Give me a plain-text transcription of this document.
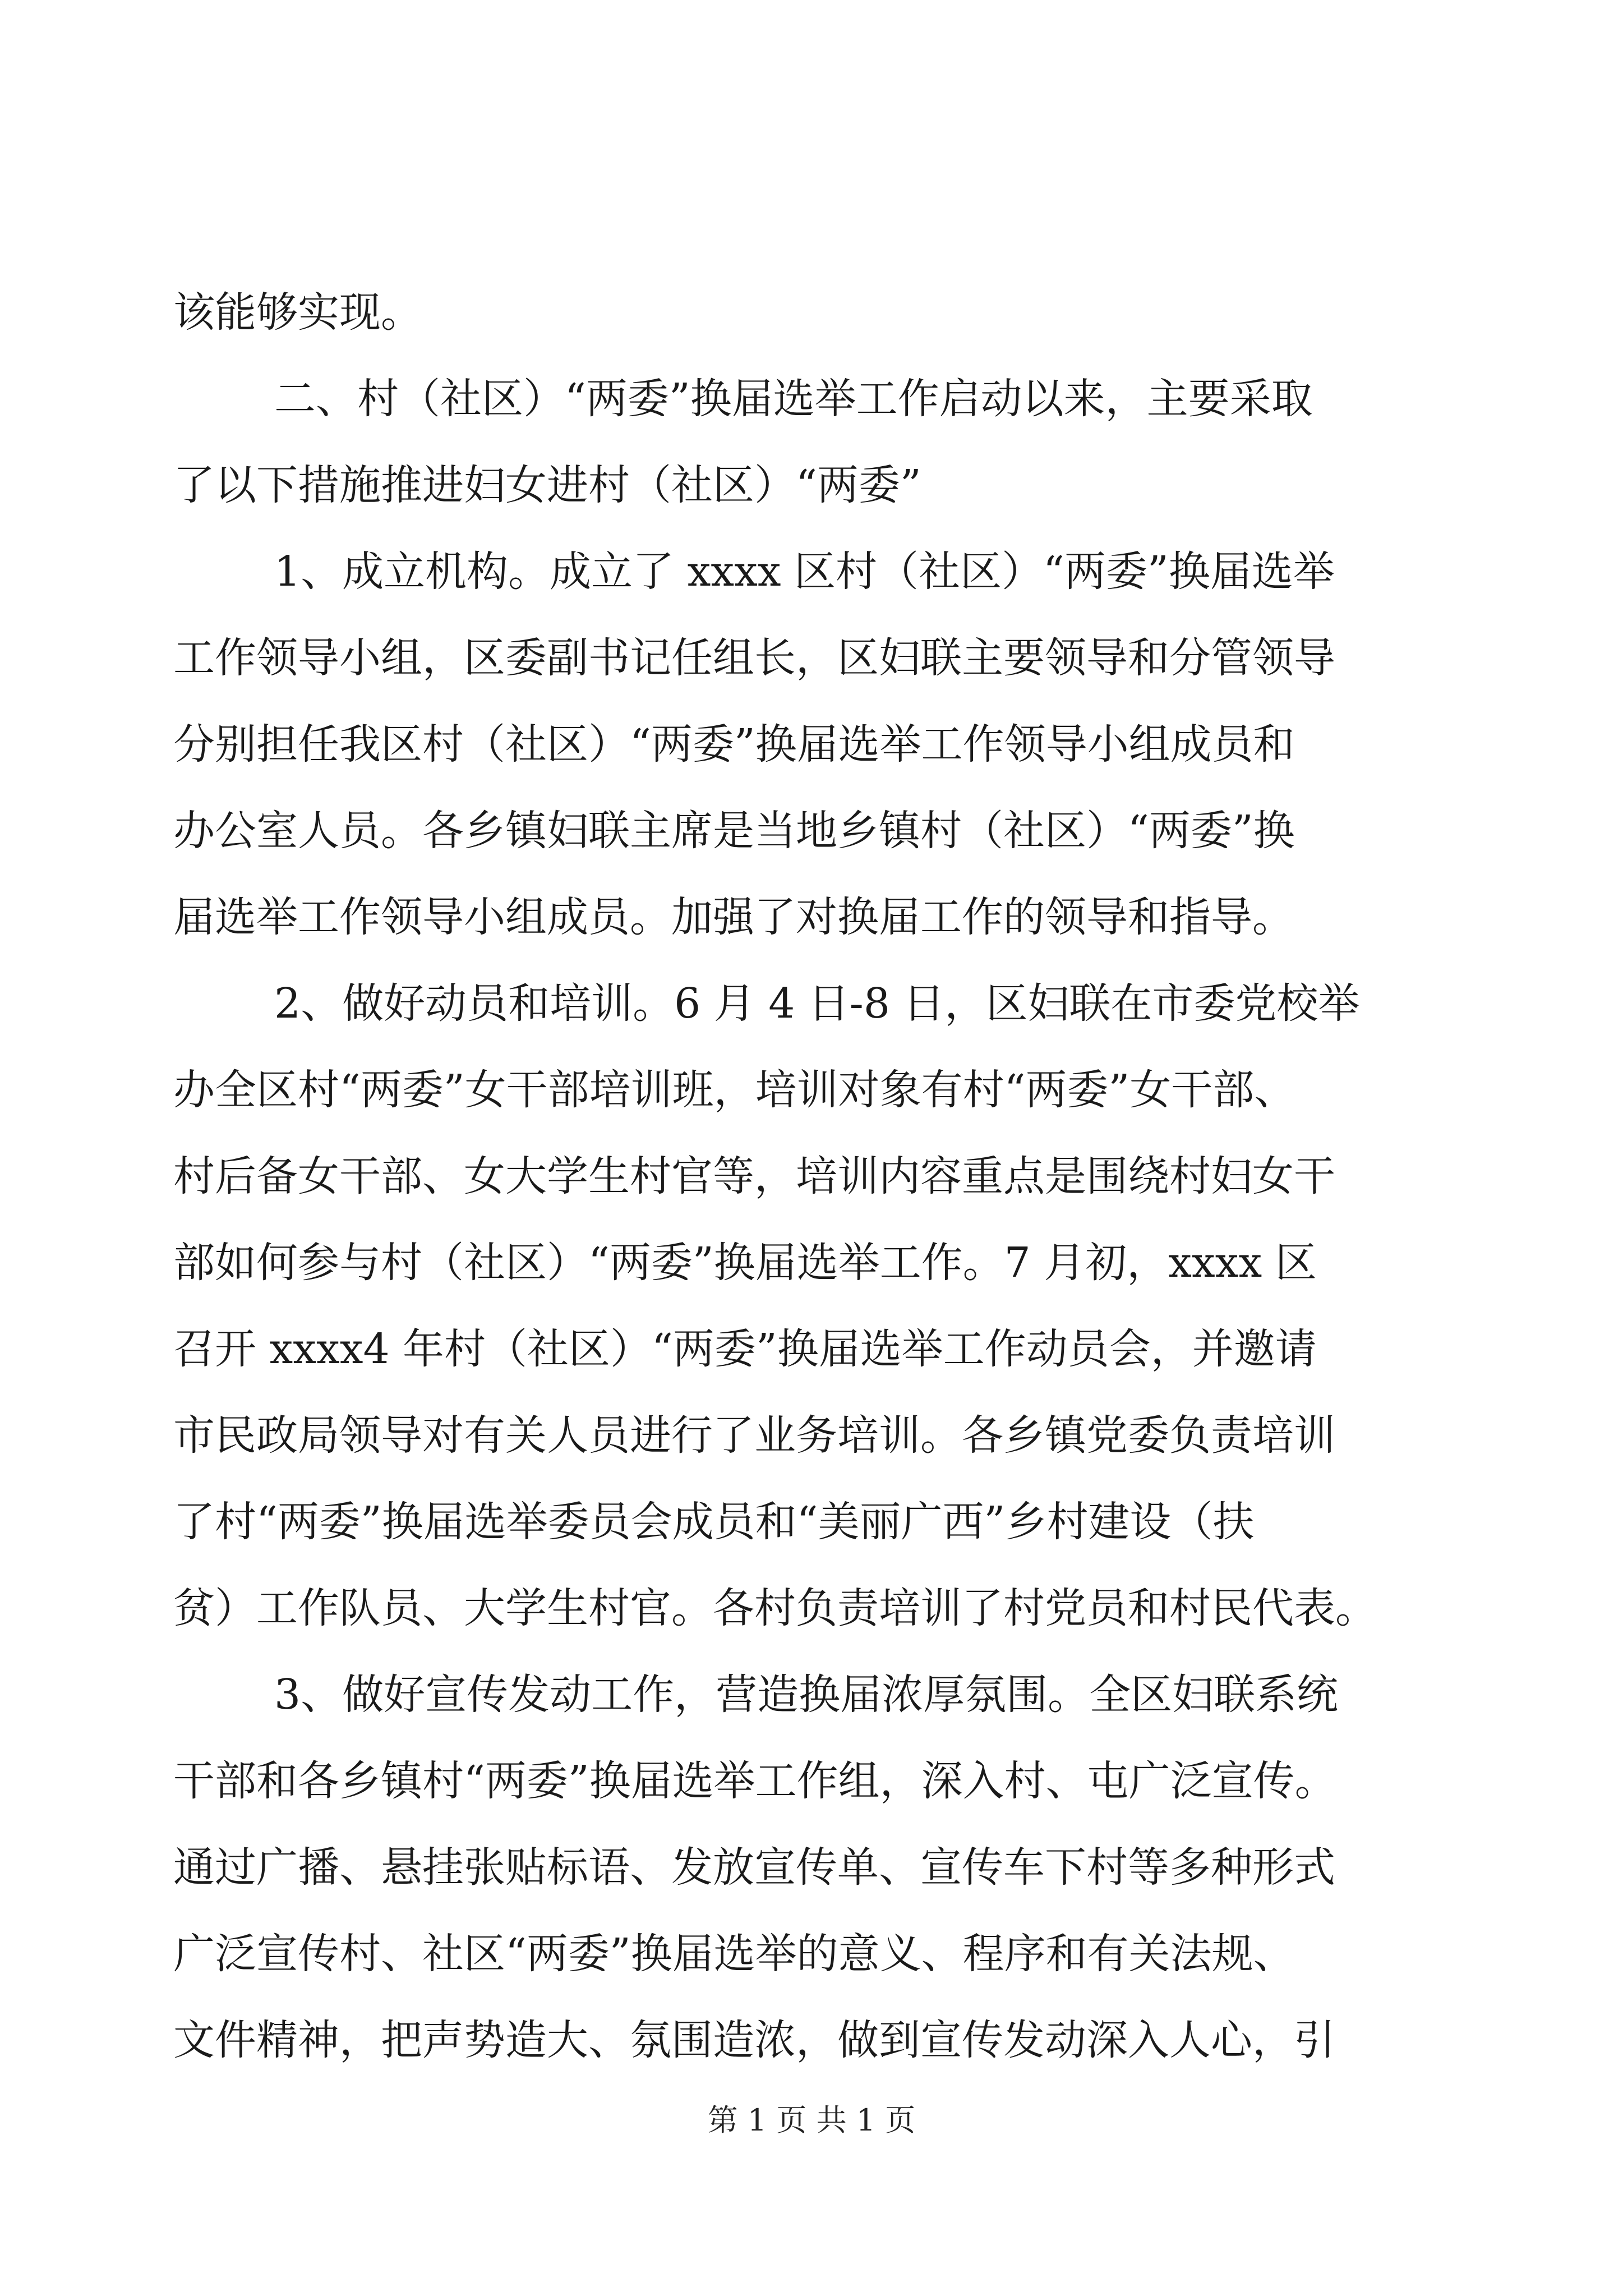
该能够实现。
二、村（社区）“两委”换届选举工作启动以来，主要采取
了以下措施推进妇女进村（社区）“两委”
1、成立机构。成立了 xxxx 区村（社区）“两委”换届选举
工作领导小组，区委副书记任组长，区妇联主要领导和分管领导
分别担任我区村（社区）“两委”换届选举工作领导小组成员和
办公室人员。各乡镇妇联主席是当地乡镇村（社区）“两委”换
届选举工作领导小组成员。加强了对换届工作的领导和指导。
2、做好动员和培训。6 月 4 日-8 日，区妇联在市委党校举
办全区村“两委”女干部培训班，培训对象有村“两委”女干部、
村后备女干部、女大学生村官等，培训内容重点是围绕村妇女干
部如何参与村（社区）“两委”换届选举工作。7 月初，xxxx 区
召开 xxxx4 年村（社区）“两委”换届选举工作动员会，并邀请
市民政局领导对有关人员进行了业务培训。各乡镇党委负责培训
了村“两委”换届选举委员会成员和“美丽广西”乡村建设（扶
贫）工作队员、大学生村官。各村负责培训了村党员和村民代表。
3、做好宣传发动工作，营造换届浓厚氛围。全区妇联系统
干部和各乡镇村“两委”换届选举工作组，深入村、屯广泛宣传。
通过广播、悬挂张贴标语、发放宣传单、宣传车下村等多种形式
广泛宣传村、社区“两委”换届选举的意义、程序和有关法规、
文件精神，把声势造大、氛围造浓，做到宣传发动深入人心，引
第 1 页 共 1 页
